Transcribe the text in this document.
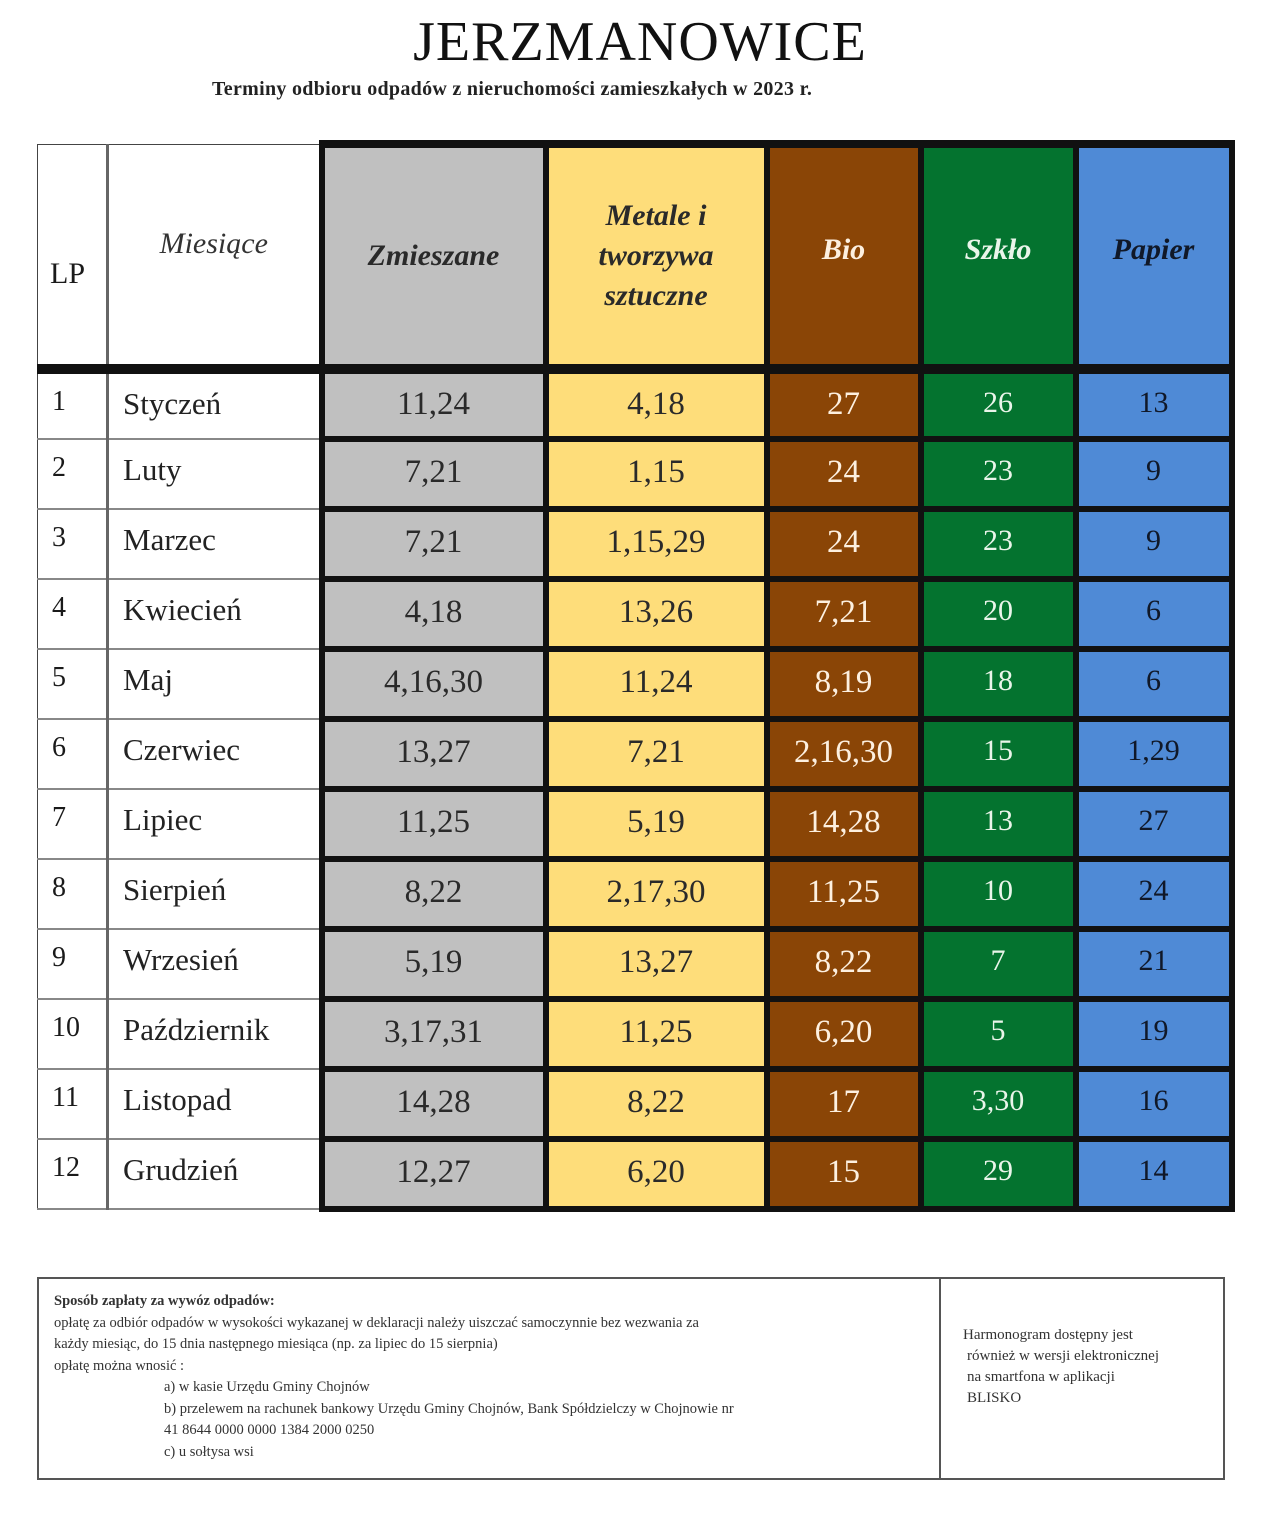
JERZMANOWICE
Terminy odbioru odpadów z nieruchomości zamieszkałych w 2023 r.
LP	Miesiące	Zmieszane	Metale i
tworzywa
sztuczne	Bio	Szkło	Papier
1	Styczeń	11,24	4,18	27	26	13
2	Luty	7,21	1,15	24	23	9
3	Marzec	7,21	1,15,29	24	23	9
4	Kwiecień	4,18	13,26	7,21	20	6
5	Maj	4,16,30	11,24	8,19	18	6
6	Czerwiec	13,27	7,21	2,16,30	15	1,29
7	Lipiec	11,25	5,19	14,28	13	27
8	Sierpień	8,22	2,17,30	11,25	10	24
9	Wrzesień	5,19	13,27	8,22	7	21
10	Październik	3,17,31	11,25	6,20	5	19
11	Listopad	14,28	8,22	17	3,30	16
12	Grudzień	12,27	6,20	15	29	14
Sposób zapłaty za wywóz odpadów:
opłatę za odbiór odpadów w wysokości wykazanej w deklaracji należy uiszczać samoczynnie bez wezwania za
każdy miesiąc, do 15 dnia następnego miesiąca (np. za lipiec do 15 sierpnia)
opłatę można wnosić :
a) w kasie Urzędu Gminy Chojnów
b) przelewem na rachunek bankowy Urzędu Gminy Chojnów, Bank Spółdzielczy w Chojnowie nr
41 8644 0000 0000 1384 2000 0250
c) u sołtysa wsi
Harmonogram dostępny jest
również w wersji elektronicznej
na smartfona w aplikacji
BLISKO
